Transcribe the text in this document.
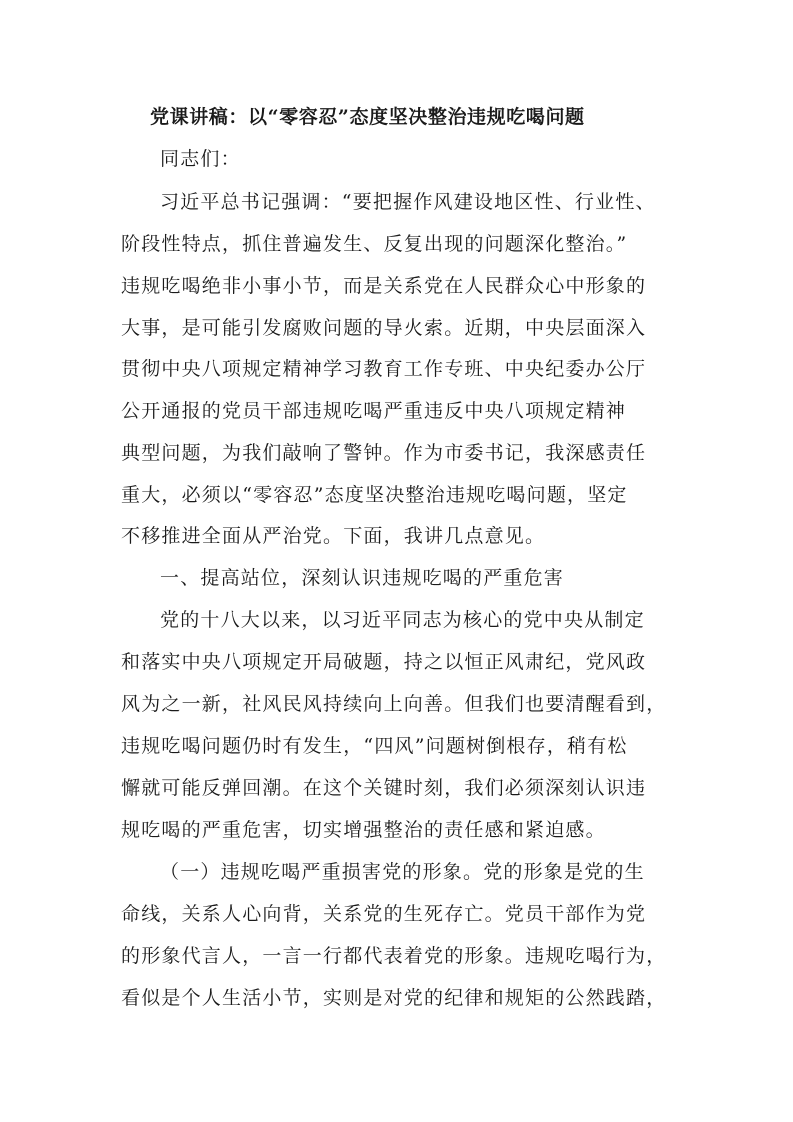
党课讲稿：以“零容忍”态度坚决整治违规吃喝问题
同志们：
习近平总书记强调：“要把握作风建设地区性、行业性、
阶段性特点，抓住普遍发生、反复出现的问题深化整治。”
违规吃喝绝非小事小节，而是关系党在人民群众心中形象的
大事，是可能引发腐败问题的导火索。近期，中央层面深入
贯彻中央八项规定精神学习教育工作专班、中央纪委办公厅
公开通报的党员干部违规吃喝严重违反中央八项规定精神
典型问题，为我们敲响了警钟。作为市委书记，我深感责任
重大，必须以“零容忍”态度坚决整治违规吃喝问题，坚定
不移推进全面从严治党。下面，我讲几点意见。
一、提高站位，深刻认识违规吃喝的严重危害
党的十八大以来，以习近平同志为核心的党中央从制定
和落实中央八项规定开局破题，持之以恒正风肃纪，党风政
风为之一新，社风民风持续向上向善。但我们也要清醒看到，
违规吃喝问题仍时有发生，“四风”问题树倒根存，稍有松
懈就可能反弹回潮。在这个关键时刻，我们必须深刻认识违
规吃喝的严重危害，切实增强整治的责任感和紧迫感。
（一）违规吃喝严重损害党的形象。党的形象是党的生
命线，关系人心向背，关系党的生死存亡。党员干部作为党
的形象代言人，一言一行都代表着党的形象。违规吃喝行为，
看似是个人生活小节，实则是对党的纪律和规矩的公然践踏，
